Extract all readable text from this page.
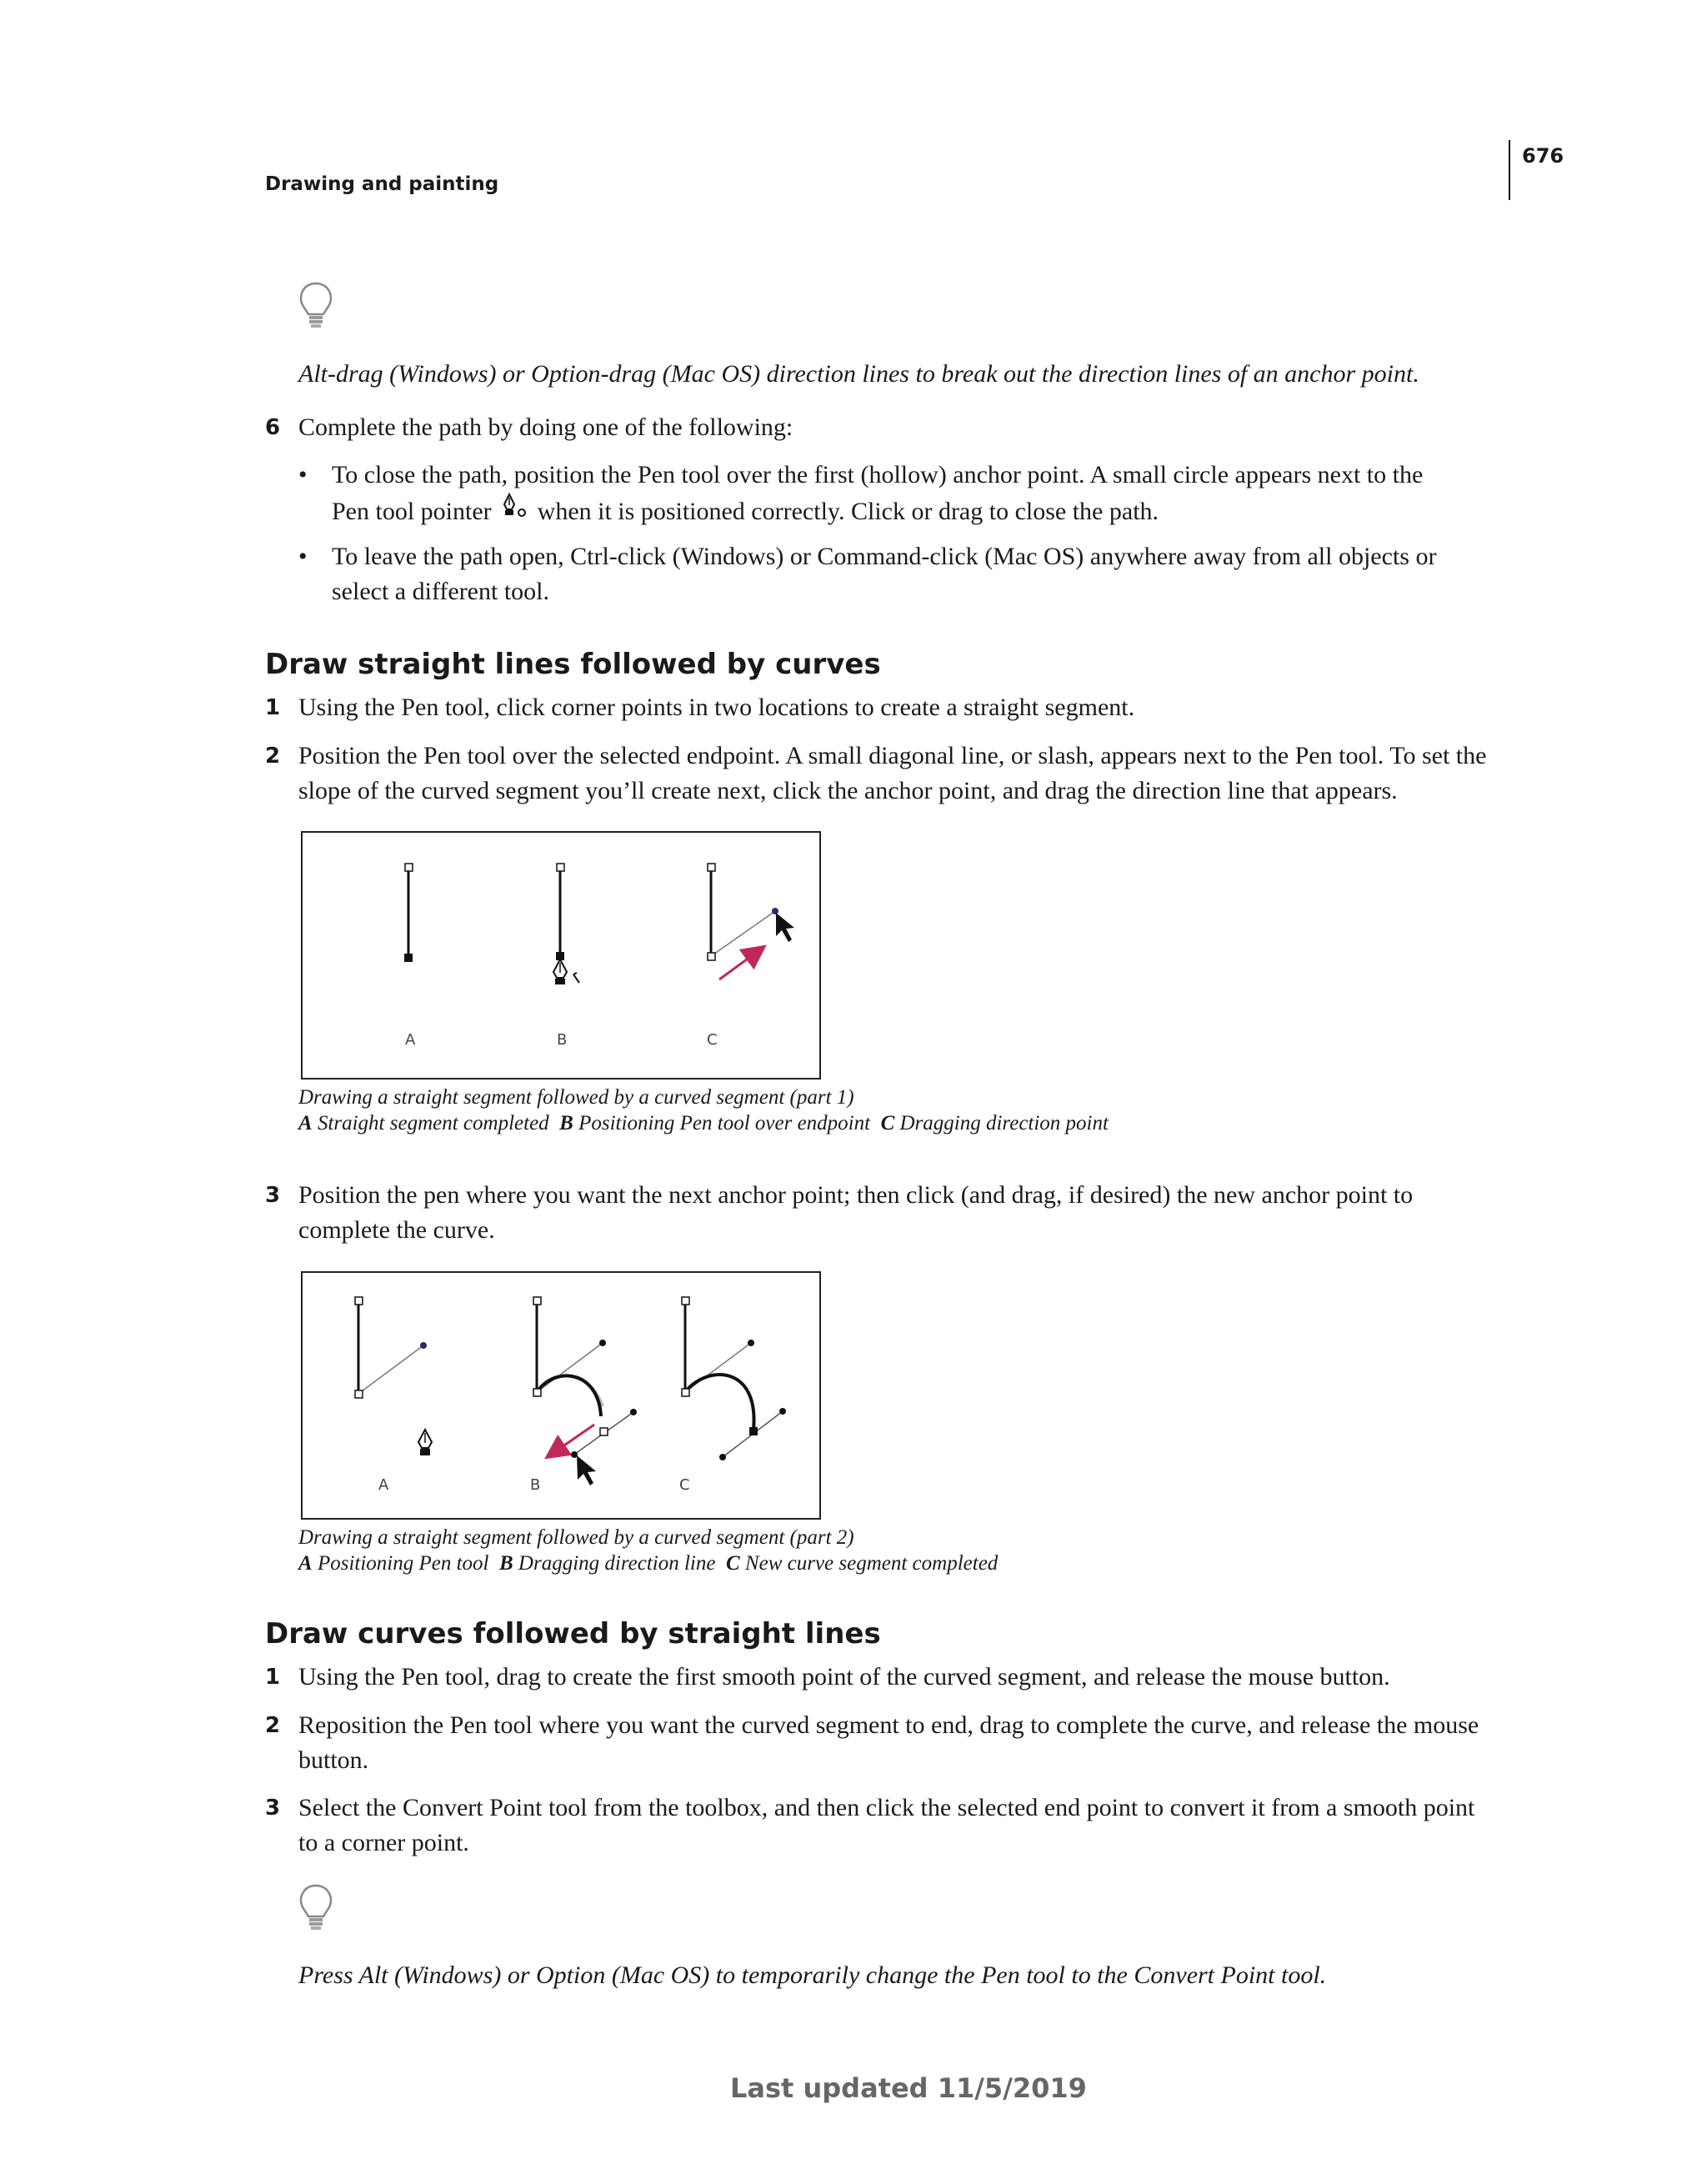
Drawing and painting
676
Alt-drag (Windows) or Option-drag (Mac OS) direction lines to break out the direction lines of an anchor point.
6 Complete the path by doing one of the following:
• To close the path, position the Pen tool over the first (hollow) anchor point. A small circle appears next to the
Pen tool pointer when it is positioned correctly. Click or drag to close the path.
• To leave the path open, Ctrl-click (Windows) or Command-click (Mac OS) anywhere away from all objects or select a different tool.
Draw straight lines followed by curves
1 Using the Pen tool, click corner points in two locations to create a straight segment.
2 Position the Pen tool over the selected endpoint. A small diagonal line, or slash, appears next to the Pen tool. To set the slope of the curved segment you’ll create next, click the anchor point, and drag the direction line that appears.
A	B	C
Drawing a straight segment followed by a curved segment (part 1)
A Straight segment completed B Positioning Pen tool over endpoint C Dragging direction point
3 Position the pen where you want the next anchor point; then click (and drag, if desired) the new anchor point to complete the curve.
A	B	C
Drawing a straight segment followed by a curved segment (part 2)
A Positioning Pen tool B Dragging direction line C New curve segment completed
Draw curves followed by straight lines
1 Using the Pen tool, drag to create the first smooth point of the curved segment, and release the mouse button.
2 Reposition the Pen tool where you want the curved segment to end, drag to complete the curve, and release the mouse button.
3 Select the Convert Point tool from the toolbox, and then click the selected end point to convert it from a smooth point to a corner point.
Press Alt (Windows) or Option (Mac OS) to temporarily change the Pen tool to the Convert Point tool.
Last updated 11/5/2019
